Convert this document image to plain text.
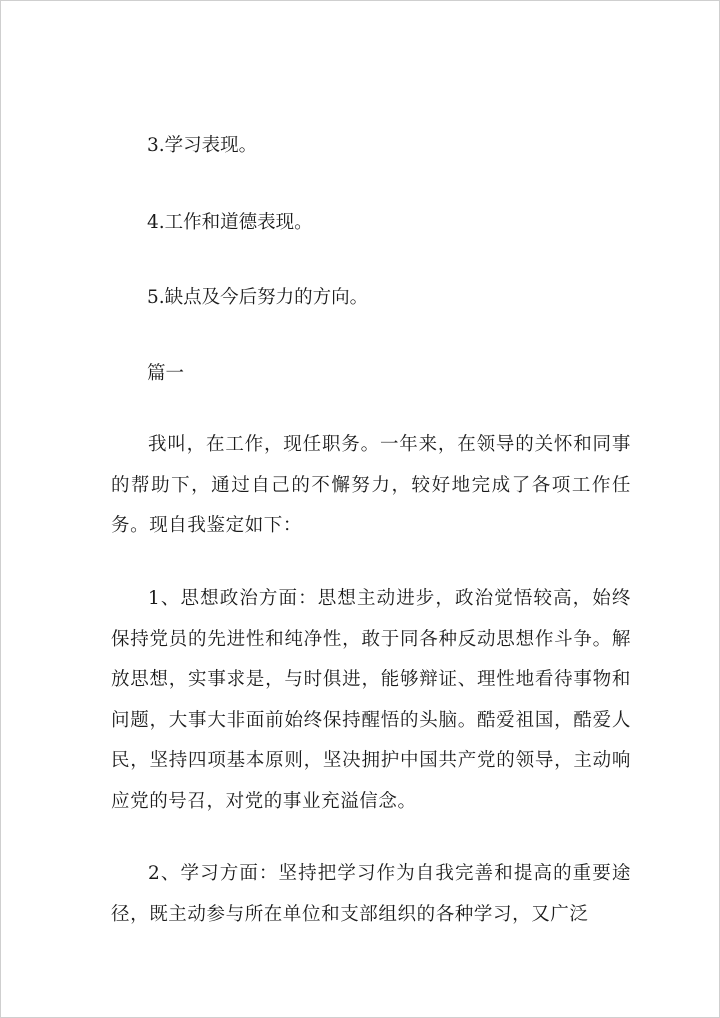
3.学习表现。
4.工作和道德表现。
5.缺点及今后努力的方向。
篇一
我叫，在工作，现任职务。一年来，在领导的关怀和同事的帮助下，通过自己的不懈努力，较好地完成了各项工作任务。现自我鉴定如下：
1、思想政治方面：思想主动进步，政治觉悟较高，始终保持党员的先进性和纯净性，敢于同各种反动思想作斗争。解放思想，实事求是，与时俱进，能够辩证、理性地看待事物和问题，大事大非面前始终保持醒悟的头脑。酷爱祖国，酷爱人民，坚持四项基本原则，坚决拥护中国共产党的领导，主动响应党的号召，对党的事业充溢信念。
2、学习方面：坚持把学习作为自我完善和提高的重要途径，既主动参与所在单位和支部组织的各种学习，又广泛
